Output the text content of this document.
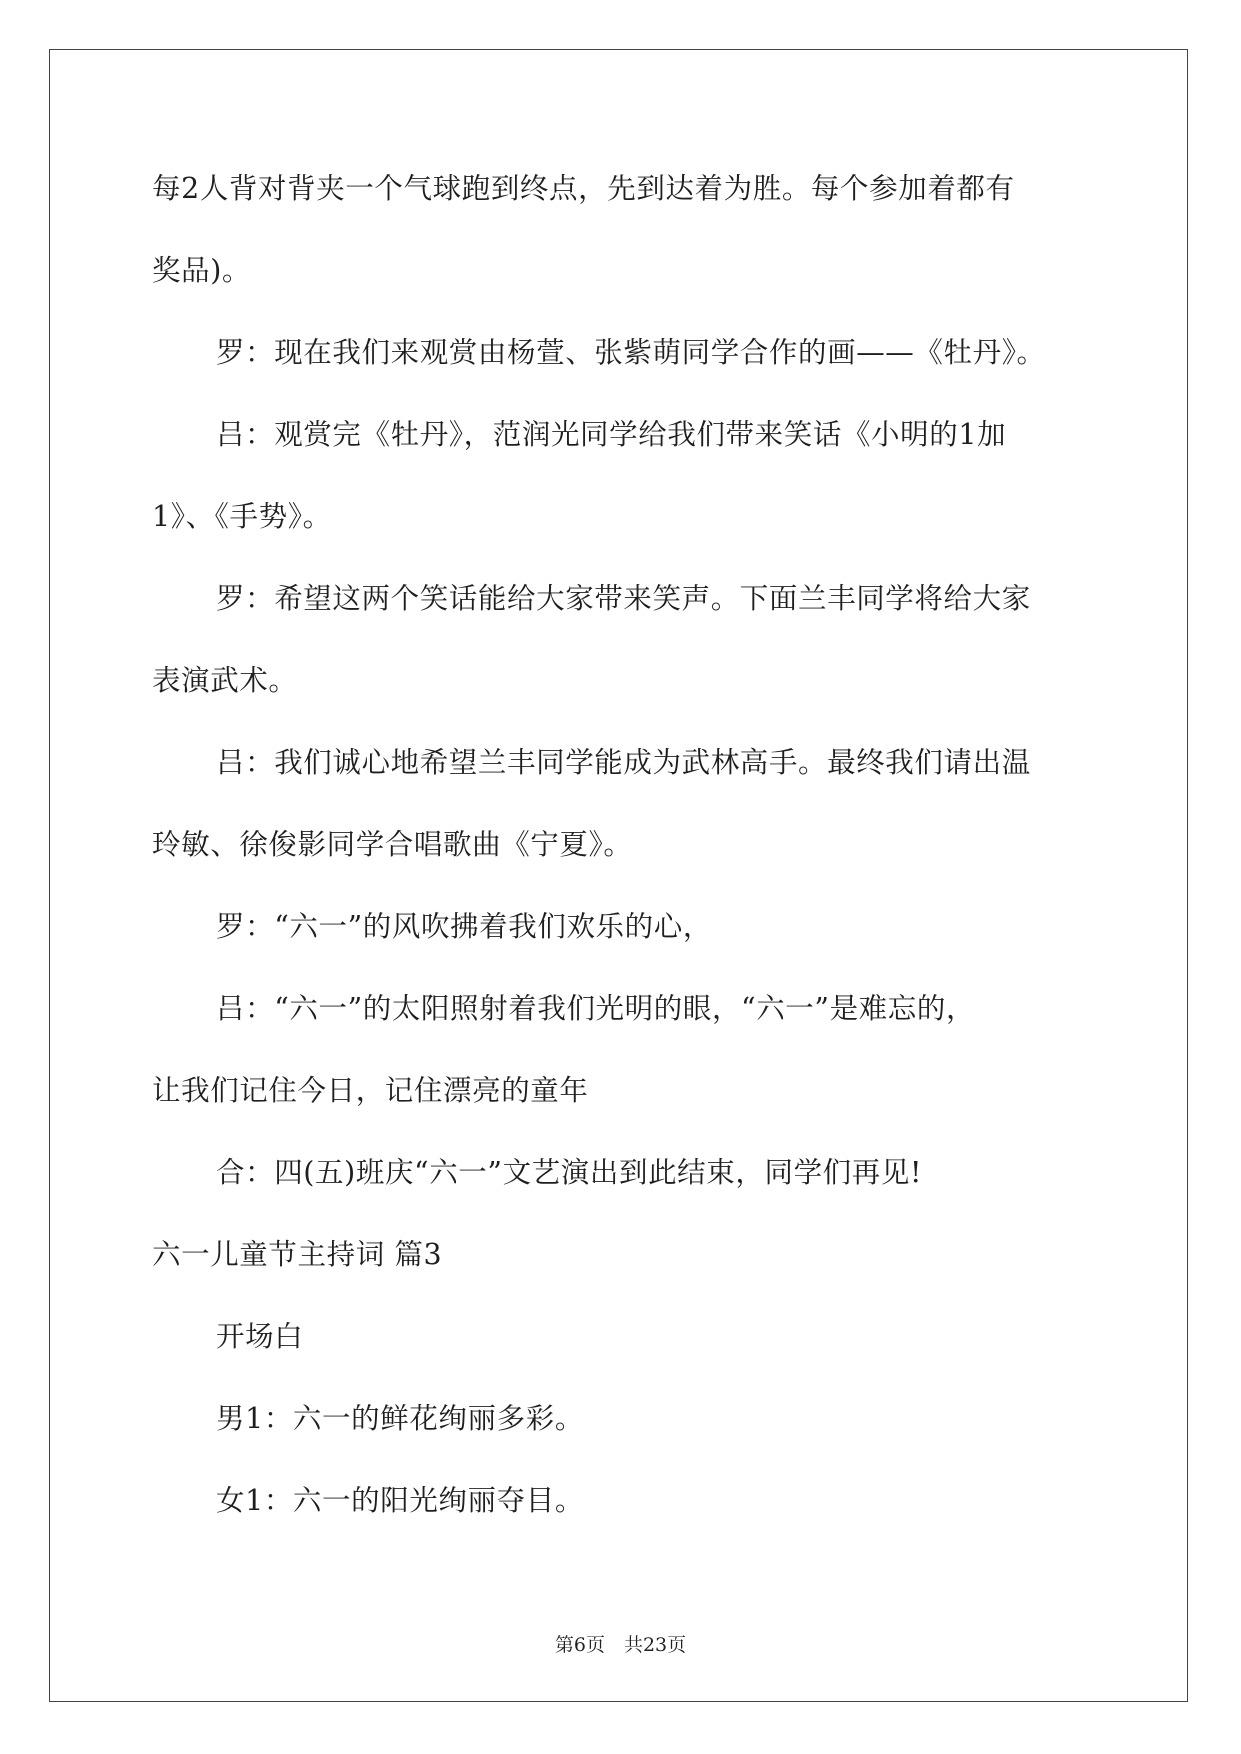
每2人背对背夹一个气球跑到终点，先到达着为胜。每个参加着都有
奖品)。
罗：现在我们来观赏由杨萱、张紫萌同学合作的画——《牡丹》。
吕：观赏完《牡丹》，范润光同学给我们带来笑话《小明的1加
1》、《手势》。
罗：希望这两个笑话能给大家带来笑声。下面兰丰同学将给大家
表演武术。
吕：我们诚心地希望兰丰同学能成为武林高手。最终我们请出温
玲敏、徐俊影同学合唱歌曲《宁夏》。
罗：“六一”的风吹拂着我们欢乐的心，
吕：“六一”的太阳照射着我们光明的眼，“六一”是难忘的，
让我们记住今日，记住漂亮的童年
合：四(五)班庆“六一”文艺演出到此结束，同学们再见!
六一儿童节主持词 篇3
开场白
男1：六一的鲜花绚丽多彩。
女1：六一的阳光绚丽夺目。
第6页　共23页
